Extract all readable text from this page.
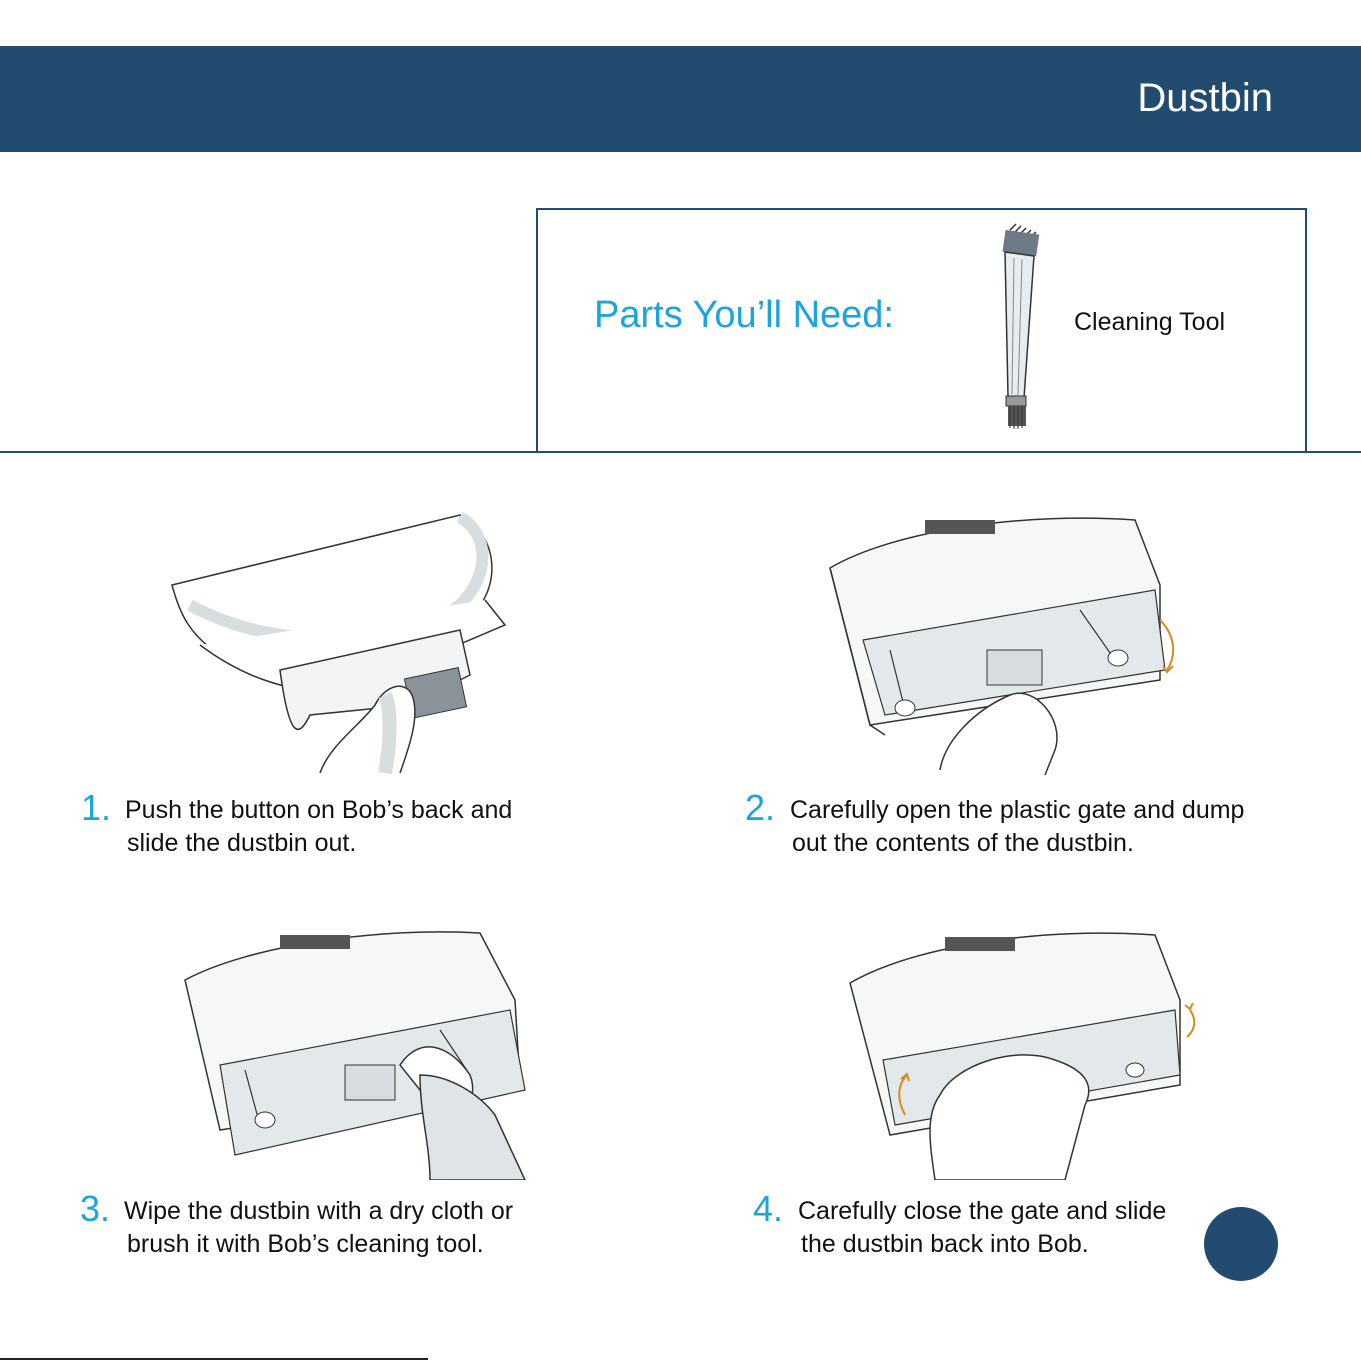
Dustbin
Parts You’ll Need:	Cleaning Tool
1. Push the button on Bob’s back and
slide the dustbin out.
2. Carefully open the plastic gate and dump
out the contents of the dustbin.
3. Wipe the dustbin with a dry cloth or
brush it with Bob’s cleaning tool.
4. Carefully close the gate and slide
the dustbin back into Bob.
